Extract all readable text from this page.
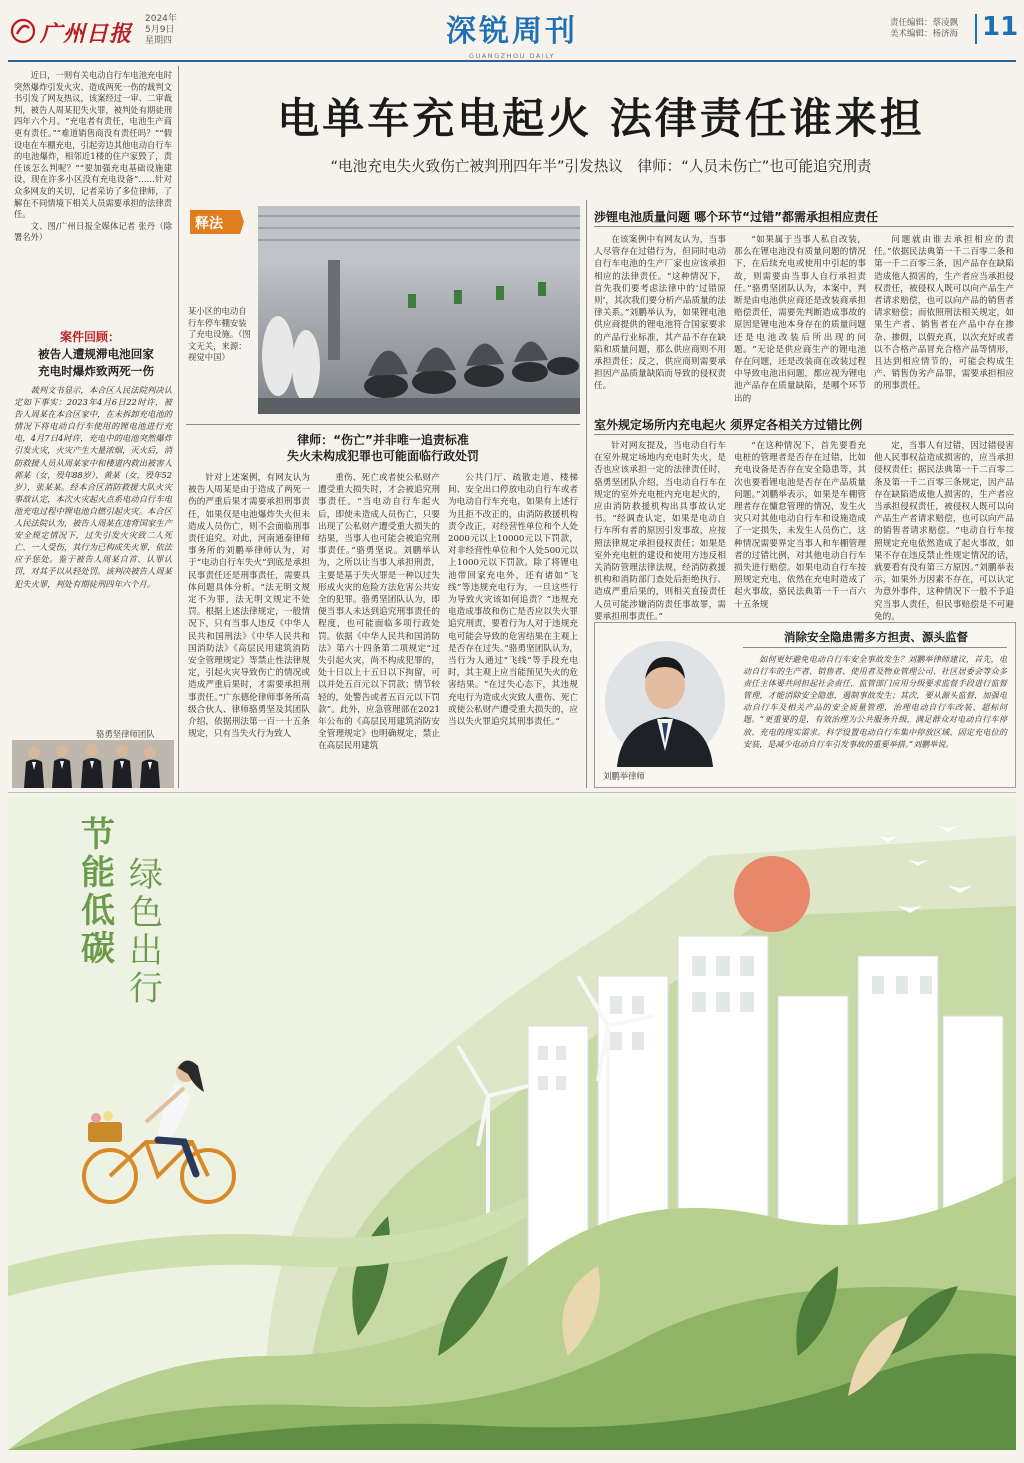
广州日报
2024年
5月9日
星期四	深锐周刊
GUANGZHOU DAILY
责任编辑：蔡凌飘
美术编辑：杨济海 11

近日，一则有关电动自行车电池充电时突然爆炸引发火灾、造成两死一伤的裁判文书引发了网友热议，该案经过一审、二审裁判，被告人周某犯失火罪，被判处有期徒刑四年六个月。“充电者有责任，电池生产商更有责任。”“难道销售商没有责任吗？”“假设电在车棚充电，引起旁边其他电动自行车的电池爆炸，相邻近1楼的住户家毁了，责任该怎么判呢？”“要加强充电基础设施建设，现在许多小区没有充电设备”……针对众多网友的关切，记者采访了多位律师，了解在不同情境下相关人员需要承担的法律责任。

文、图/广州日报全媒体记者 张丹（除署名外）

案件回顾：
被告人遭规滞电池回家
充电时爆炸致两死一伤

裁判文书显示，本合区人民法院判决认定如下事实：2023年4月6日22时许，被告人周某在本合区家中，在未拆卸充电池的情况下将电动自行车使用的锂电池进行充电，4月7日4时许，充电中的电池突然爆炸引发火灾，火灾产生大量浓烟，灭火后，消防救援人员从周某家中和楼道内救出被害人郭某（女，殁年88岁）、黄某（女，殁年52岁），张某某。经本合区消防救援大队火灾事故认定，本次火灾起火点系电动自行车电池充电过程中锂电池自燃引起火灾。本合区人民法院认为，被告人周某在违背国家生产安全规定情况下，过失引发火灾致二人死亡、一人受伤，其行为已构成失火罪，依法应予惩处。鉴于被告人周某自首、认罪认罚，对其予以从轻处罚。该判决被告人周某犯失火罪，判处有期徒刑四年六个月。

骆勇坚律师团队
电单车充电起火 法律责任谁来担
“电池充电失火致伤亡被判刑四年半”引发热议　律师：“人员未伤亡”也可能追究刑责
释法
某小区的电动自行车停车棚安装了充电设施。（图文无关，来源：视觉中国）
律师：“伤亡”并非唯一追责标准
失火未构成犯罪也可能面临行政处罚

针对上述案例，有网友认为被告人周某是由于造成了两死一伤的严重后果才需要承担刑事责任，如果仅是电池爆炸失火但未造成人员伤亡，则不会面临刑事责任追究。对此，河南通泰律师事务所的刘鹏举律师认为，对于“电动自行车失火”到底是承担民事责任还是刑事责任，需要具体问题具体分析。“法无明文规定不为罪，法无明文规定不处罚。根据上述法律规定，一般情况下，只有当事人违反《中华人民共和国刑法》《中华人民共和国消防法》《高层民用建筑消防安全管理规定》等禁止性法律规定，引起火灾导致伤亡的情况或造成严重后果时，才需要承担刑事责任。”广东德伦律师事务所高级合伙人、律师骆勇坚及其团队介绍，依据刑法第一百一十五条规定，只有当失火行为致人

重伤、死亡或者使公私财产遭受重大损失时，才会被追究刑事责任。“当电动自行车起火后，即使未造成人员伤亡，只要出现了公私财产遭受重大损失的结果，当事人也可能会被追究刑事责任。”骆勇坚说。刘鹏举认为，之所以让当事人承担刑责，主要是基于失火罪是一种以过失形成火灾的危险方法危害公共安全的犯罪。骆勇坚团队认为，即便当事人未达到追究刑事责任的程度，也可能面临多项行政处罚。依据《中华人民共和国消防法》第六十四条第二项规定“过失引起火灾，尚不构成犯罪的，处十日以上十五日以下拘留，可以并处五百元以下罚款；情节较轻的，处警告或者五百元以下罚款”。此外，应急管理部在2021年公布的《高层民用建筑消防安全管理规定》也明确规定，禁止在高层民用建筑

公共门厅、疏散走道、楼梯间、安全出口停放电动自行车或者为电动自行车充电，如果有上述行为且拒不改正的，由消防救援机构责令改正，对经营性单位和个人处2000元以上10000元以下罚款，对非经营性单位和个人处500元以上1000元以下罚款。除了将锂电池带回家充电外，还有诸如“飞线”等违规充电行为，一旦这些行为导致火灾该如何追责？“违规充电造成事故和伤亡是否应以失火罪追究刑责，要看行为人对于违规充电可能会导致的危害结果在主观上是否存在过失。”骆勇坚团队认为，当行为人通过“飞线”等手段充电时，其主观上应当能预见失火的危害结果。“在过失心态下，其违规充电行为造成火灾致人重伤、死亡或使公私财产遭受重大损失的，应当以失火罪追究其刑事责任。”

涉锂电池质量问题 哪个环节“过错”都需承担相应责任

在该案例中有网友认为，当事人尽管存在过错行为，但同时电动自行车电池的生产厂家也应该承担相应的法律责任。“这种情况下，首先我们要考虑法律中的‘过错原则’，其次我们要分析产品质量的法律关系。”刘鹏举认为，如果锂电池供应商提供的锂电池符合国家要求的产品行业标准，其产品不存在缺陷和质量问题，那么供应商则不用承担责任；反之，供应商则需要承担因产品质量缺陷而导致的侵权责任。

“如果属于当事人私自改装，那么在锂电池没有质量问题的情况下，在后续充电或使用中引起的事故，则需要由当事人自行承担责任。”骆勇坚团队认为，本案中，判断是由电池供应商还是改装商承担赔偿责任，需要先判断造成事故的原因是锂电池本身存在的质量问题还是电池改装后所出现的问题。“无论是供应商生产的锂电池存在问题，还是改装商在改装过程中导致电池出问题，都应视为锂电池产品存在质量缺陷，是哪个环节出的

问题就由谁去承担相应的责任。”依据民法典第一千二百零二条和第一千二百零三条，因产品存在缺陷造成他人损害的，生产者应当承担侵权责任，被侵权人既可以向产品生产者请求赔偿，也可以向产品的销售者请求赔偿；而依照刑法相关规定，如果生产者、销售者在产品中存在掺杂、掺假，以假充真，以次充好或者以不合格产品冒充合格产品等情形，且达到相应情节的，可能会构成生产、销售伪劣产品罪，需要承担相应的刑事责任。

室外规定场所内充电起火 须界定各相关方过错比例

针对网友提及，当电动自行车在室外规定场地内充电时失火，是否也应该承担一定的法律责任时，骆勇坚团队介绍，当电动自行车在规定的室外充电桩内充电起火的，应由消防救援机构出具事故认定书。“经调查认定，如果是电动自行车所有者的原因引发事故，应按照法律规定承担侵权责任；如果是室外充电桩的建设和使用方违反相关消防管理法律法规，经消防救援机构和消防部门查处后拒绝执行、造成严重后果的，则相关直接责任人员可能涉嫌消防责任事故罪，需要承担刑事责任。”

“在这种情况下，首先要看充电桩的管理者是否存在过错，比如充电设备是否存在安全隐患等，其次也要看锂电池是否存在产品质量问题。”刘鹏举表示，如果是车棚管理者存在慵怠管理的情况，发生火灾只对其他电动自行车和设施造成了一定损失，未发生人员伤亡，这种情况需要界定当事人和车棚管理者的过错比例，对其他电动自行车损失进行赔偿。如果电动自行车按照规定充电，依然在充电时造成了起火事故，骆民法典第一千一百六十五条规

定，当事人有过错，因过错侵害他人民事权益造成损害的，应当承担侵权责任；据民法典第一千二百零二条及第一千二百零三条规定，因产品存在缺陷造成他人损害的，生产者应当承担侵权责任，被侵权人既可以向产品生产者请求赔偿，也可以向产品的销售者请求赔偿。“电动自行车按照规定充电依然造成了起火事故，如果不存在违反禁止性规定情况的话，就要看有没有第三方原因。”刘鹏举表示，如果外力因素不存在，可以认定为意外事件，这种情况下一般不予追究当事人责任，但民事赔偿是不可避免的。

刘鹏举律师
消除安全隐患需多方担责、源头监督

如何更好避免电动自行车安全事故发生？刘鹏举律师建议，首先，电动自行车的生产者、销售者、使用者及物业管理公司、社区居委会等众多责任主体要共同担起社会责任，监管部门应用分级要求监督手段进行监督管理，才能消除安全隐患，遏制事故发生；其次，要从源头监督，加强电动自行车及相关产品的安全质量管理，治理电动自行车改装、超标问题。“更重要的是，有效治理为公共服务升级，满足群众对电动自行车停放、充电的现实需求。科学设置电动自行车集中停放区域、固定充电位的安装，是减少电动自行车引发事故的重要举措。”刘鹏举说。

节能低碳
绿色出行
